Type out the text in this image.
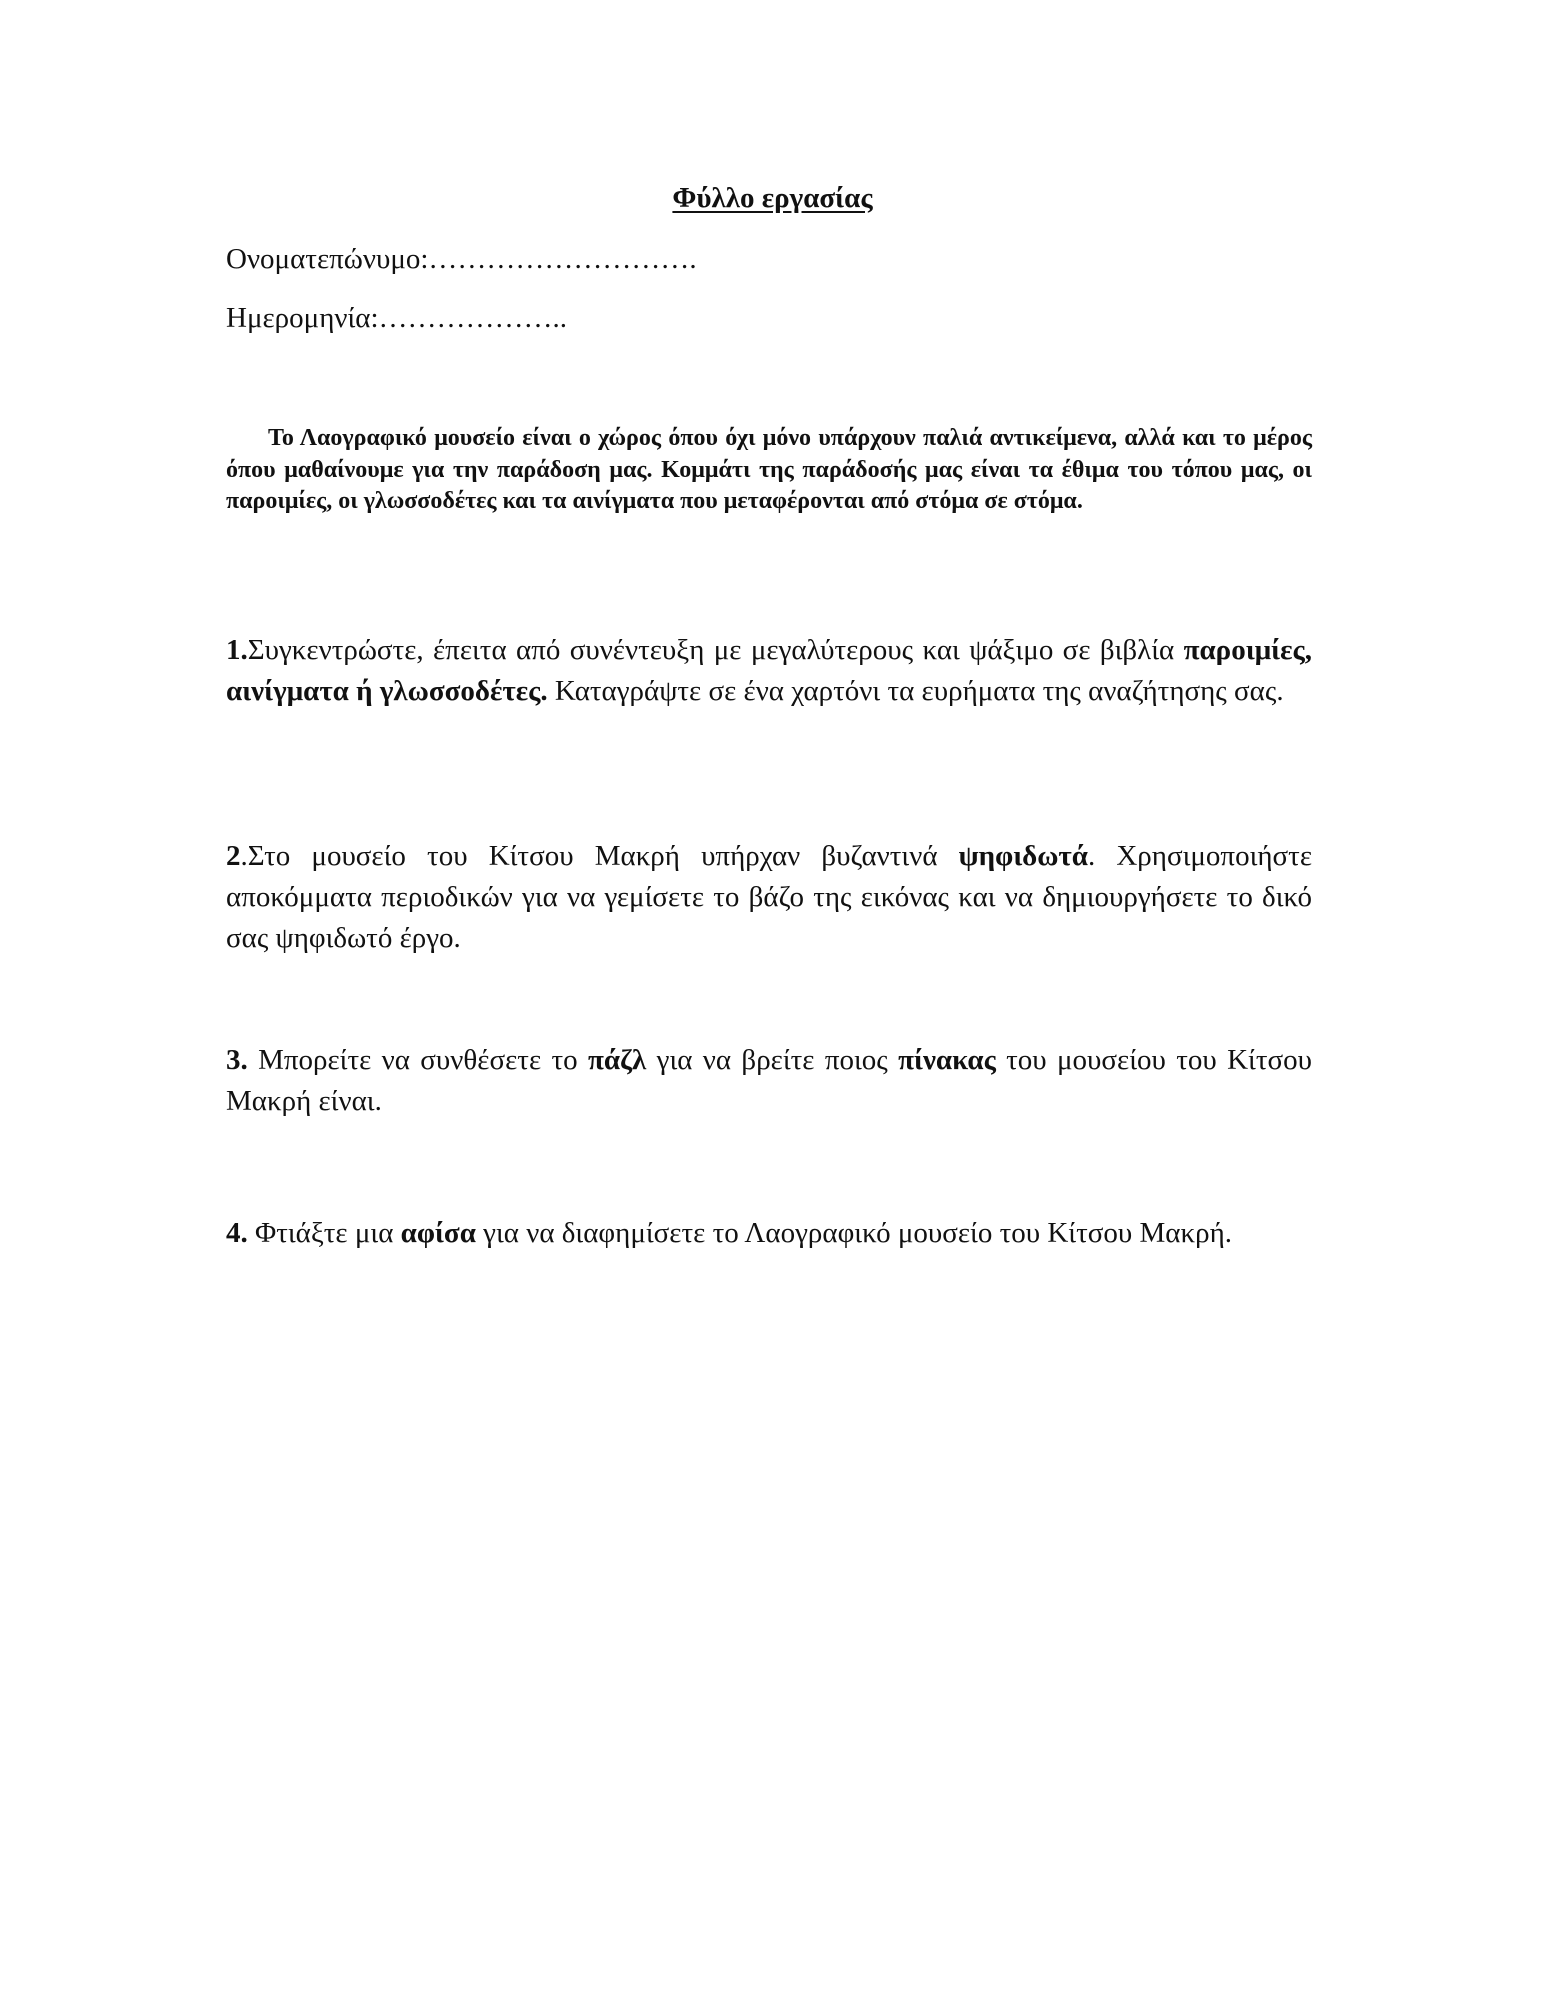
Φύλλο εργασίας
Ονοματεπώνυμο:……………………….
Ημερομηνία:………………..

Το Λαογραφικό μουσείο είναι ο χώρος όπου όχι μόνο υπάρχουν παλιά αντικείμενα, αλλά και το μέρος όπου μαθαίνουμε για την παράδοση μας. Κομμάτι της παράδοσής μας είναι τα έθιμα του τόπου μας, οι παροιμίες, οι γλωσσοδέτες και τα αινίγματα που μεταφέρονται από στόμα σε στόμα.

1.Συγκεντρώστε, έπειτα από συνέντευξη με μεγαλύτερους και ψάξιμο σε βιβλία παροιμίες, αινίγματα ή γλωσσοδέτες. Καταγράψτε σε ένα χαρτόνι τα ευρήματα της αναζήτησης σας.

2.Στο μουσείο του Κίτσου Μακρή υπήρχαν βυζαντινά ψηφιδωτά. Χρησιμοποιήστε αποκόμματα περιοδικών για να γεμίσετε το βάζο της εικόνας και να δημιουργήσετε το δικό σας ψηφιδωτό έργο.

3. Μπορείτε να συνθέσετε το πάζλ για να βρείτε ποιος πίνακας του μουσείου του Κίτσου Μακρή είναι.

4. Φτιάξτε μια αφίσα για να διαφημίσετε το Λαογραφικό μουσείο του Κίτσου Μακρή.
